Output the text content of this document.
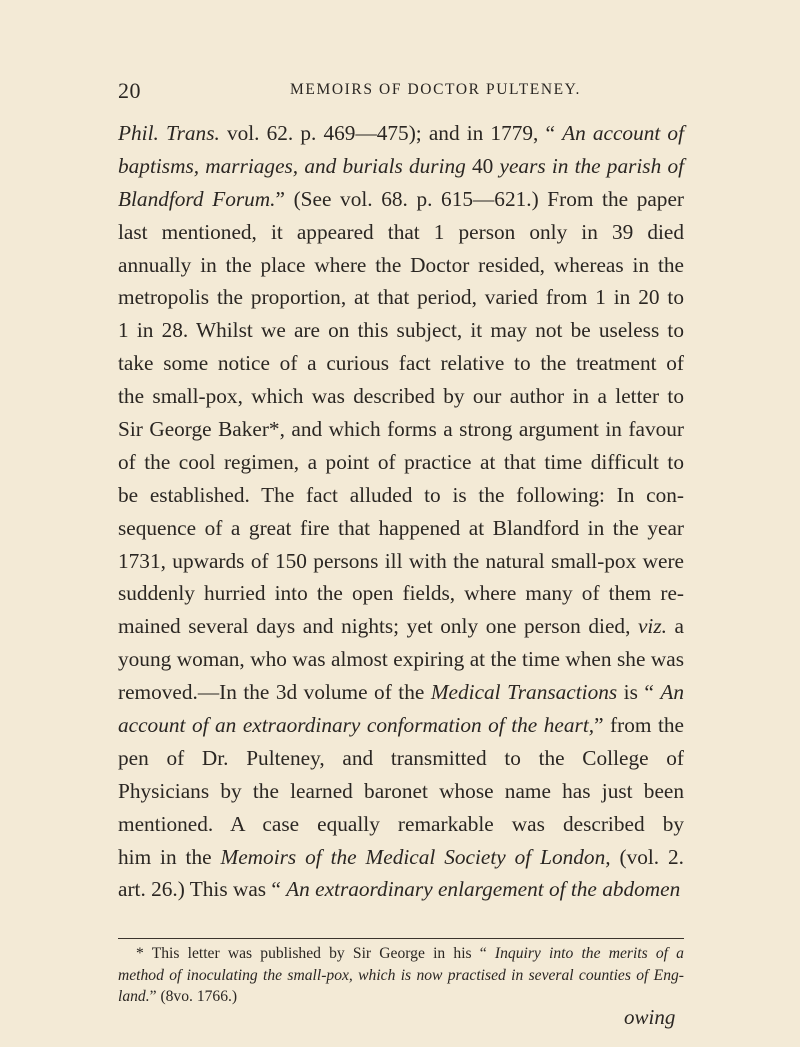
20	MEMOIRS OF DOCTOR PULTENEY.
Phil. Trans. vol. 62. p. 469—475); and in 1779, “ An account of
baptisms, marriages, and burials during 40 years in the parish of
Blandford Forum.” (See vol. 68. p. 615—621.) From the paper
last mentioned, it appeared that 1 person only in 39 died
annually in the place where the Doctor resided, whereas in the
metropolis the proportion, at that period, varied from 1 in 20 to
1 in 28. Whilst we are on this subject, it may not be useless to
take some notice of a curious fact relative to the treatment of
the small-pox, which was described by our author in a letter to
Sir George Baker*, and which forms a strong argument in favour
of the cool regimen, a point of practice at that time difficult to
be established. The fact alluded to is the following: In con-
sequence of a great fire that happened at Blandford in the year
1731, upwards of 150 persons ill with the natural small-pox were
suddenly hurried into the open fields, where many of them re-
mained several days and nights; yet only one person died, viz. a
young woman, who was almost expiring at the time when she was
removed.—In the 3d volume of the Medical Transactions is “ An
account of an extraordinary conformation of the heart,” from the
pen of Dr. Pulteney, and transmitted to the College of
Physicians by the learned baronet whose name has just been
mentioned. A case equally remarkable was described by
him in the Memoirs of the Medical Society of London, (vol. 2.
art. 26.) This was “ An extraordinary enlargement of the abdomen
* This letter was published by Sir George in his “ Inquiry into the merits of a
method of inoculating the small-pox, which is now practised in several counties of Eng-
land.” (8vo. 1766.)
owing
